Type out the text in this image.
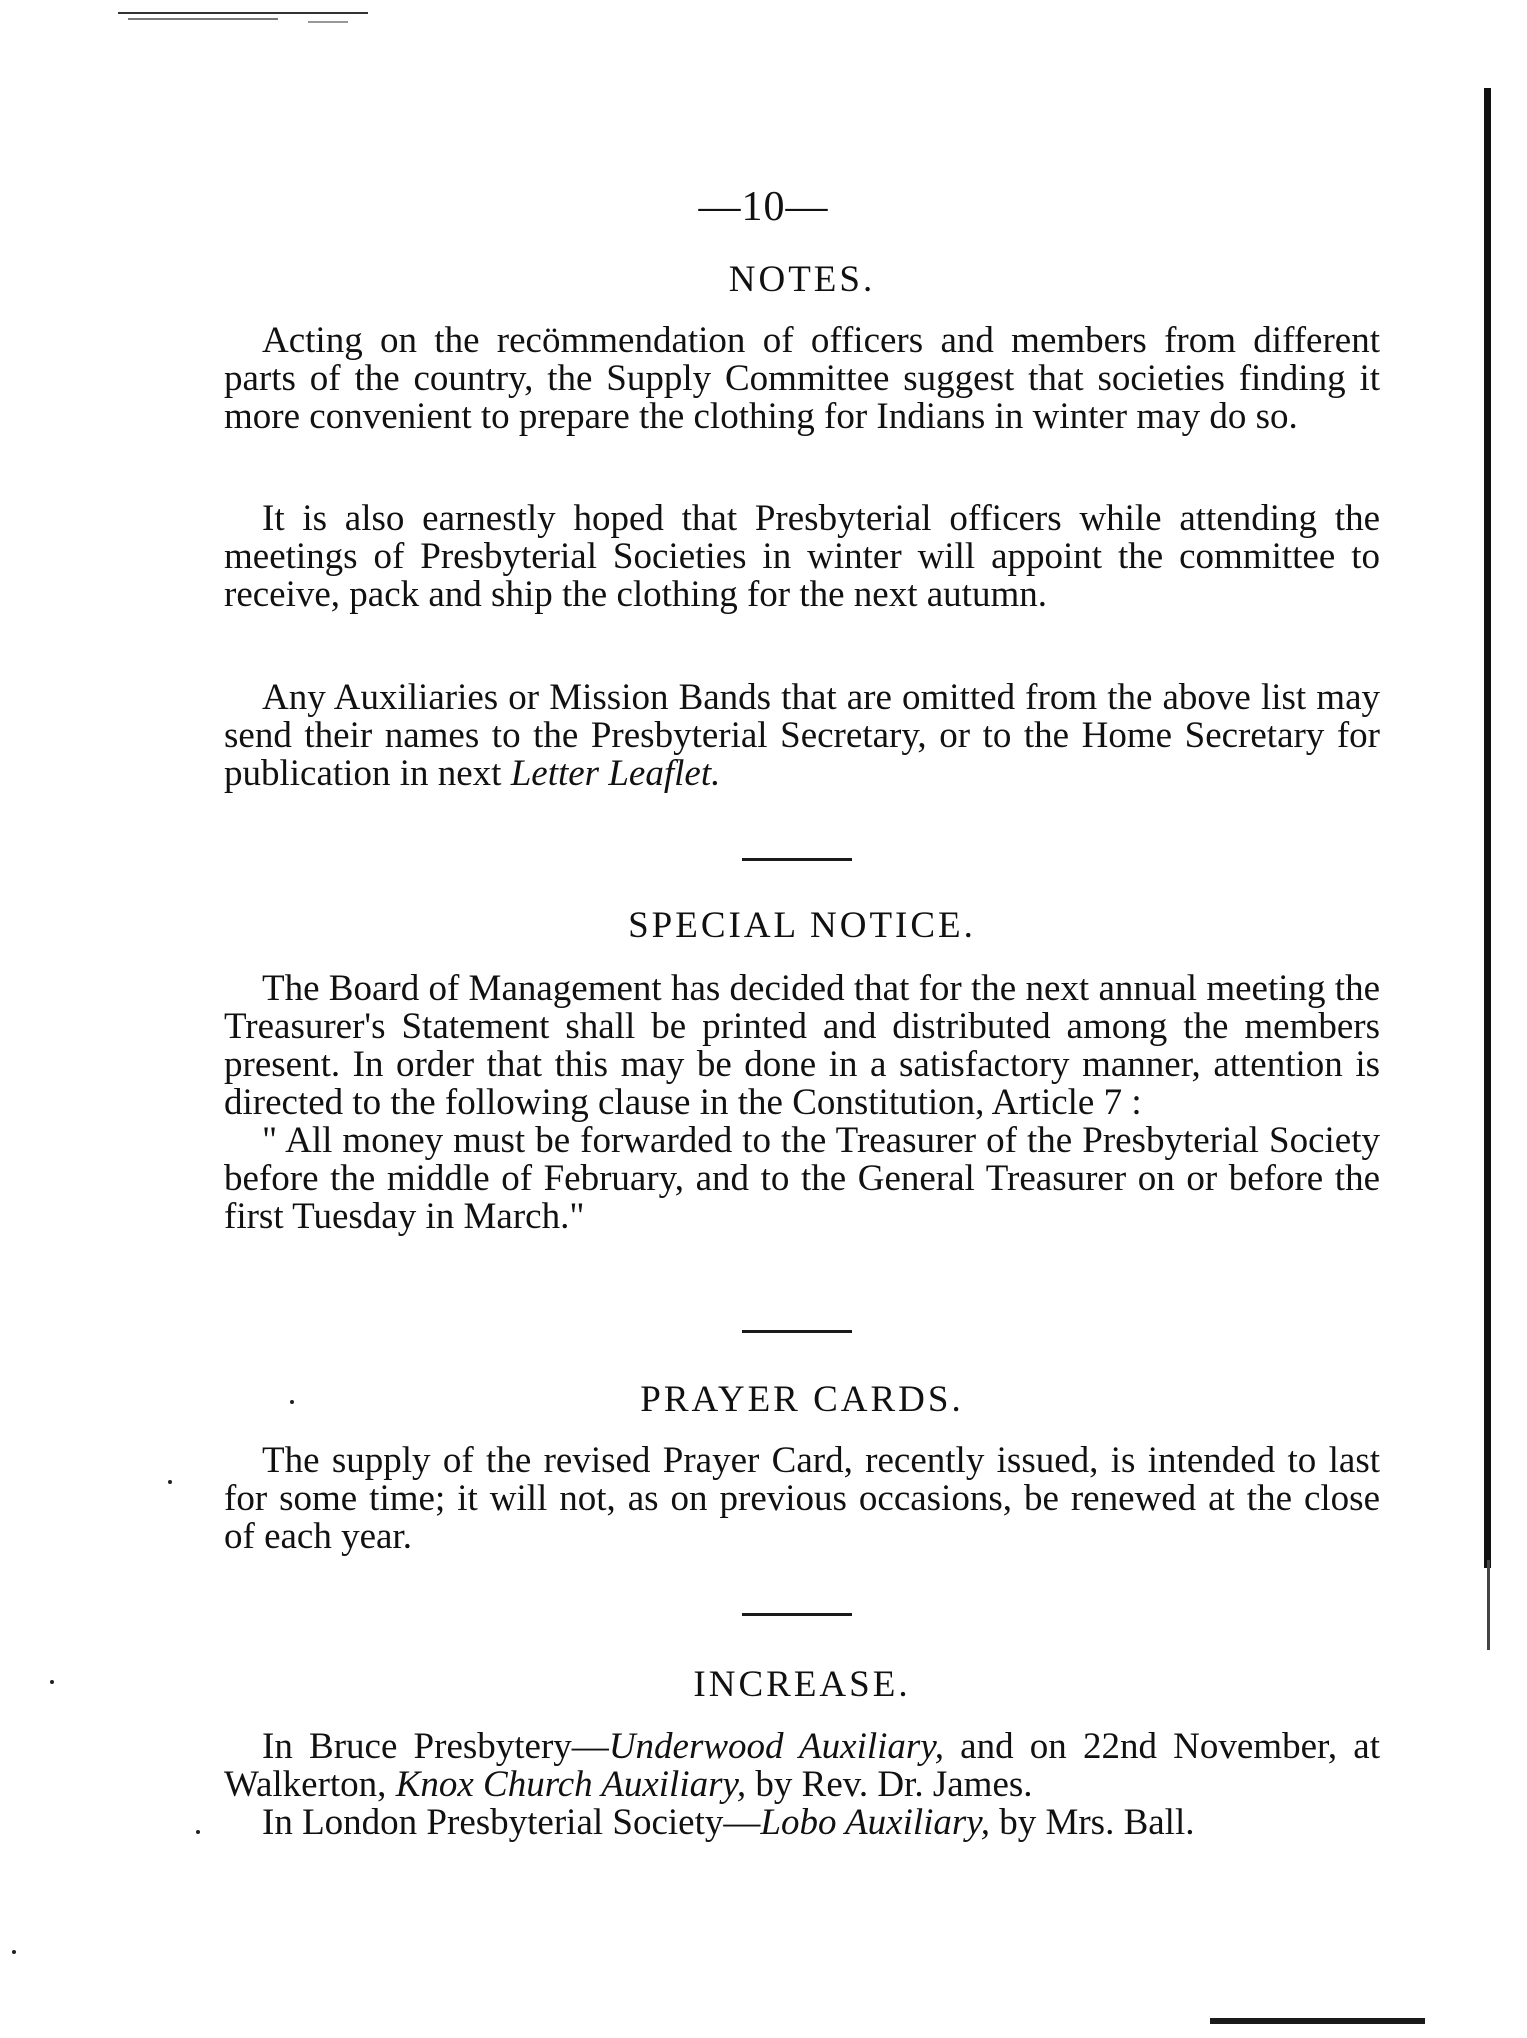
—10—
NOTES.

Acting on the recömmendation of officers and members from different parts of the country, the Supply Committee suggest that societies finding it more convenient to prepare the clothing for Indians in winter may do so.

It is also earnestly hoped that Presbyterial officers while attending the meetings of Presbyterial Societies in winter will appoint the committee to receive, pack and ship the clothing for the next autumn.

Any Auxiliaries or Mission Bands that are omitted from the above list may send their names to the Presbyterial Secretary, or to the Home Secretary for publication in next Letter Leaflet.

SPECIAL NOTICE.

The Board of Management has decided that for the next annual meeting the Treasurer's Statement shall be printed and distributed among the members present. In order that this may be done in a satisfactory manner, attention is directed to the following clause in the Constitution, Article 7 :

" All money must be forwarded to the Treasurer of the Presbyterial Society before the middle of February, and to the General Treasurer on or before the first Tuesday in March."

PRAYER CARDS.

The supply of the revised Prayer Card, recently issued, is intended to last for some time; it will not, as on previous occasions, be renewed at the close of each year.

INCREASE.

In Bruce Presbytery—Underwood Auxiliary, and on 22nd November, at Walkerton, Knox Church Auxiliary, by Rev. Dr. James.

In London Presbyterial Society—Lobo Auxiliary, by Mrs. Ball.
